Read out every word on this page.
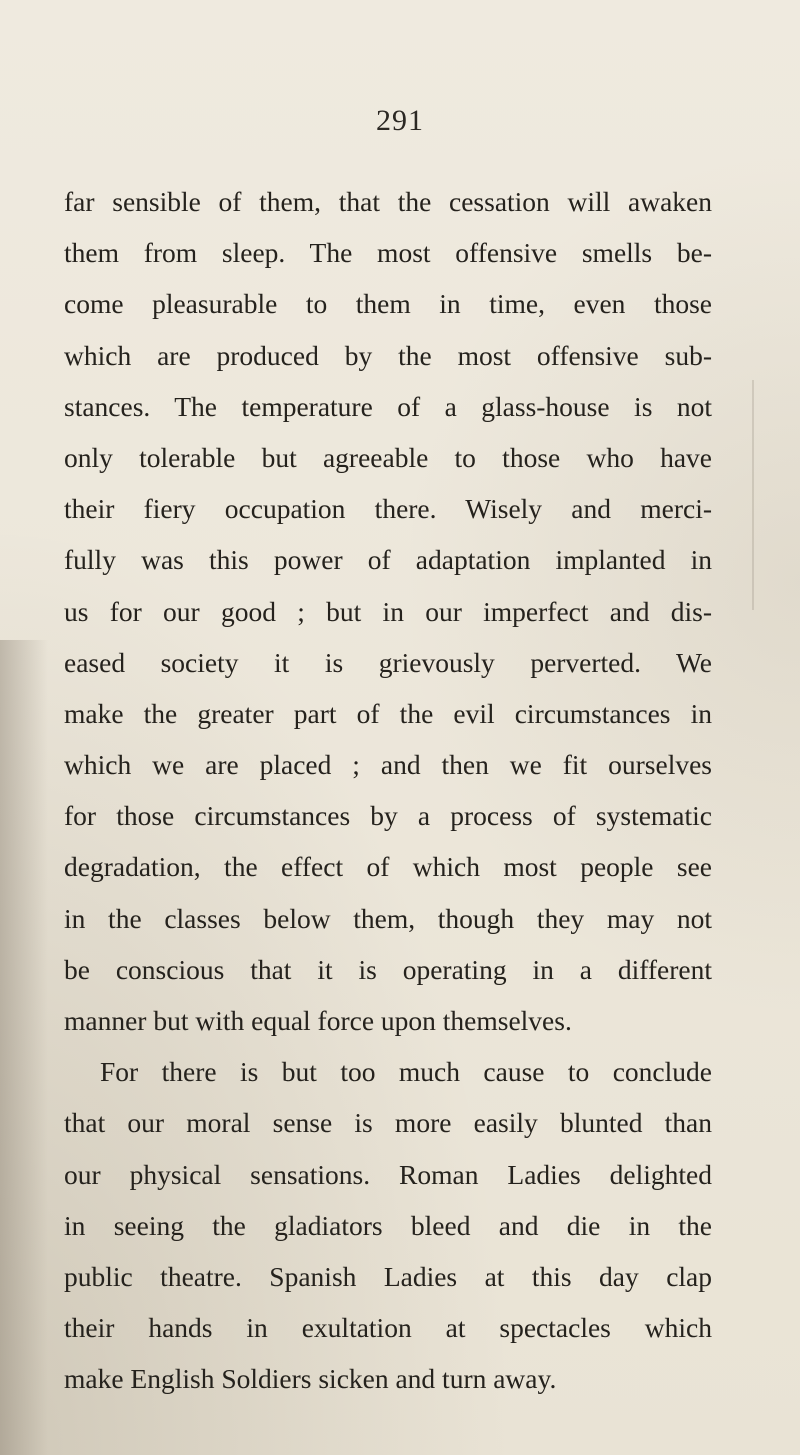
291
far sensible of them, that the cessation will awaken
them from sleep. The most offensive smells be-
come pleasurable to them in time, even those
which are produced by the most offensive sub-
stances. The temperature of a glass-house is not
only tolerable but agreeable to those who have
their fiery occupation there. Wisely and merci-
fully was this power of adaptation implanted in
us for our good ; but in our imperfect and dis-
eased society it is grievously perverted. We
make the greater part of the evil circumstances in
which we are placed ; and then we fit ourselves
for those circumstances by a process of systematic
degradation, the effect of which most people see
in the classes below them, though they may not
be conscious that it is operating in a different
manner but with equal force upon themselves.
For there is but too much cause to conclude
that our moral sense is more easily blunted than
our physical sensations. Roman Ladies delighted
in seeing the gladiators bleed and die in the
public theatre. Spanish Ladies at this day clap
their hands in exultation at spectacles which
make English Soldiers sicken and turn away.
